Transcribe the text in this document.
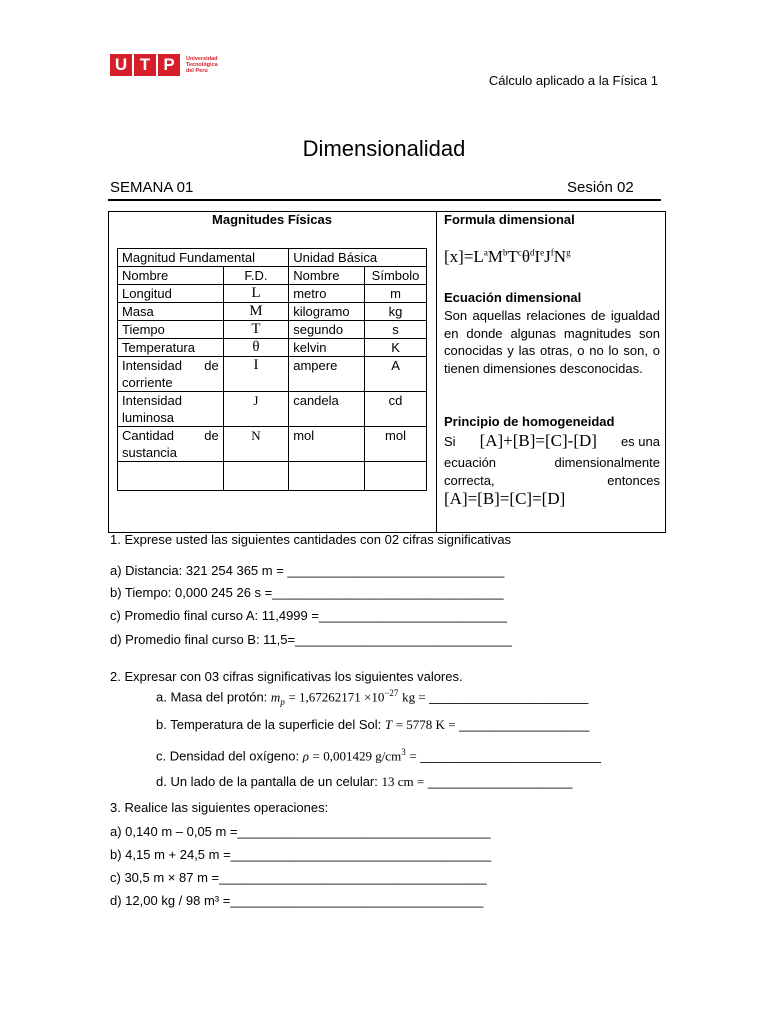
U T P	Universidad
Tecnológica
del Perú
Cálculo aplicado a la Física 1
Dimensionalidad
SEMANA 01	Sesión 02
Magnitudes Físicas
Magnitud Fundamental		Unidad Básica	
Nombre	F.D.	Nombre	Símbolo
Longitud	L	metro	m
Masa	M	kilogramo	kg
Tiempo	T	segundo	s
Temperatura	θ	kelvin	K

Intensidad de
corriente	I	ampere	A

Intensidad
luminosa	J	candela	cd

Cantidad de
sustancia	N	mol	mol

Formula dimensional
$[x]=L^aM^bT^c\theta^dI^eJ^fN^g$
Ecuación dimensional
Son aquellas relaciones de igualdad en donde algunas magnitudes son conocidas y las otras, o no lo son, o tienen dimensiones desconocidas.
Principio de homogeneidad
Si [A]+[B]=[C]-[D] es una
ecuación	dimensionalmente
correcta,	entonces
[A]=[B]=[C]=[D]
1. Exprese usted las siguientes cantidades con 02 cifras significativas
a) Distancia: 321 254 365 m = ______________________________
b) Tiempo: 0,000 245 26 s =________________________________
c) Promedio final curso A: 11,4999 =__________________________
d) Promedio final curso B: 11,5=______________________________
2. Expresar con 03 cifras significativas los siguientes valores.
a. Masa del protón: $m_p = 1,67262171 \times 10^{-27}$ kg = ______________________
b. Temperatura de la superficie del Sol: T = 5778 K = __________________
c. Densidad del oxígeno: ρ = 0,001429 $g/cm^3$ = _________________________
d. Un lado de la pantalla de un celular: 13 cm = ____________________
3. Realice las siguientes operaciones:
a) 0,140 m – 0,05 m =___________________________________
b) 4,15 m + 24,5 m =____________________________________
c) 30,5 m × 87 m =_____________________________________
d) 12,00 kg / 98 m³ =___________________________________
